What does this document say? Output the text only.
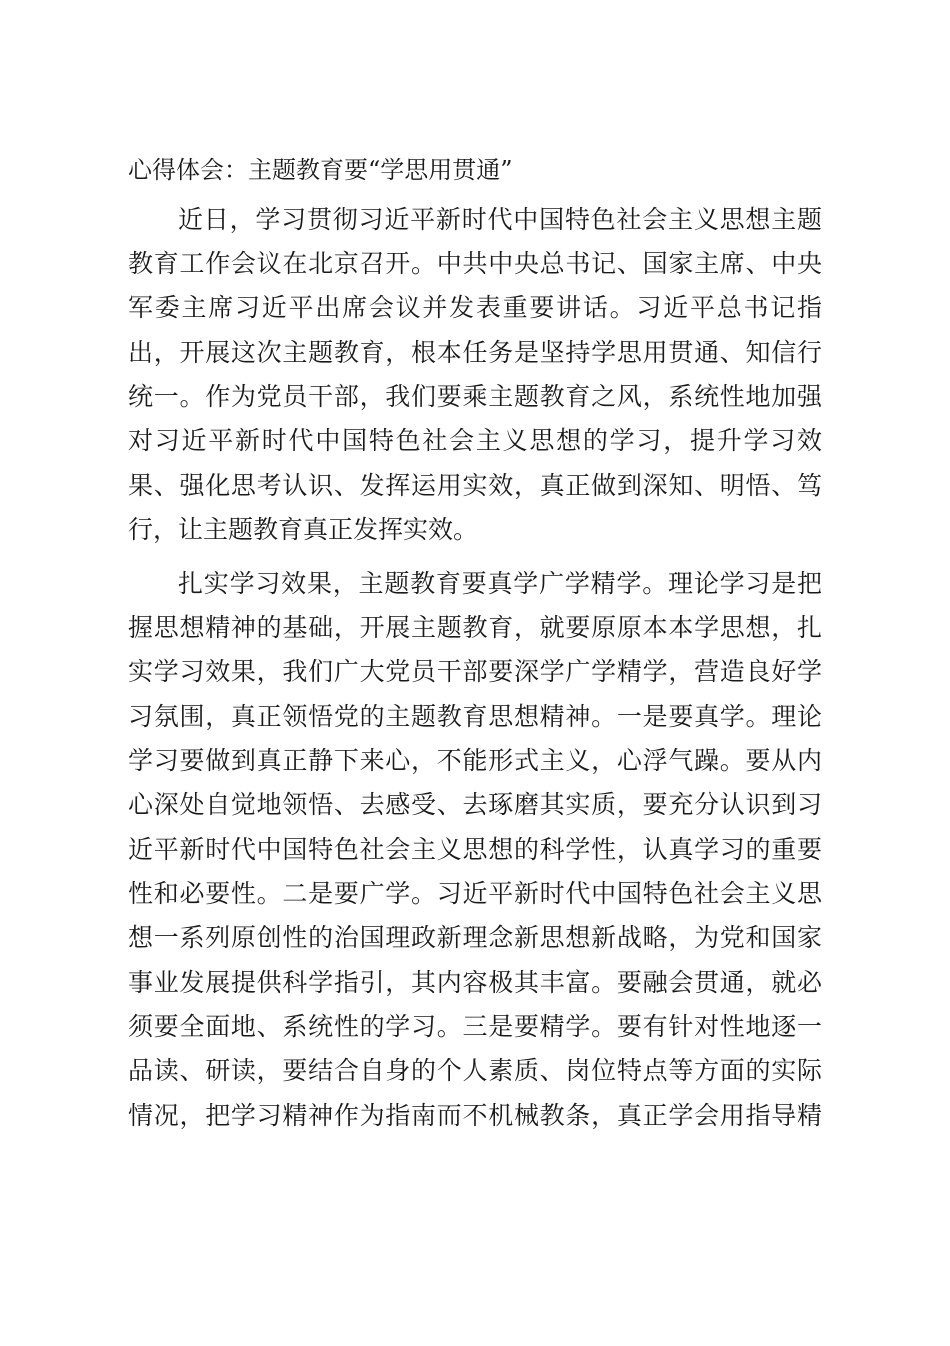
心得体会：主题教育要“学思用贯通”
近日，学习贯彻习近平新时代中国特色社会主义思想主题
教育工作会议在北京召开。中共中央总书记、国家主席、中央
军委主席习近平出席会议并发表重要讲话。习近平总书记指
出，开展这次主题教育，根本任务是坚持学思用贯通、知信行
统一。作为党员干部，我们要乘主题教育之风，系统性地加强
对习近平新时代中国特色社会主义思想的学习，提升学习效
果、强化思考认识、发挥运用实效，真正做到深知、明悟、笃
行，让主题教育真正发挥实效。
扎实学习效果，主题教育要真学广学精学。理论学习是把
握思想精神的基础，开展主题教育，就要原原本本学思想，扎
实学习效果，我们广大党员干部要深学广学精学，营造良好学
习氛围，真正领悟党的主题教育思想精神。一是要真学。理论
学习要做到真正静下来心，不能形式主义，心浮气躁。要从内
心深处自觉地领悟、去感受、去琢磨其实质，要充分认识到习
近平新时代中国特色社会主义思想的科学性，认真学习的重要
性和必要性。二是要广学。习近平新时代中国特色社会主义思
想一系列原创性的治国理政新理念新思想新战略，为党和国家
事业发展提供科学指引，其内容极其丰富。要融会贯通，就必
须要全面地、系统性的学习。三是要精学。要有针对性地逐一
品读、研读，要结合自身的个人素质、岗位特点等方面的实际
情况，把学习精神作为指南而不机械教条，真正学会用指导精
